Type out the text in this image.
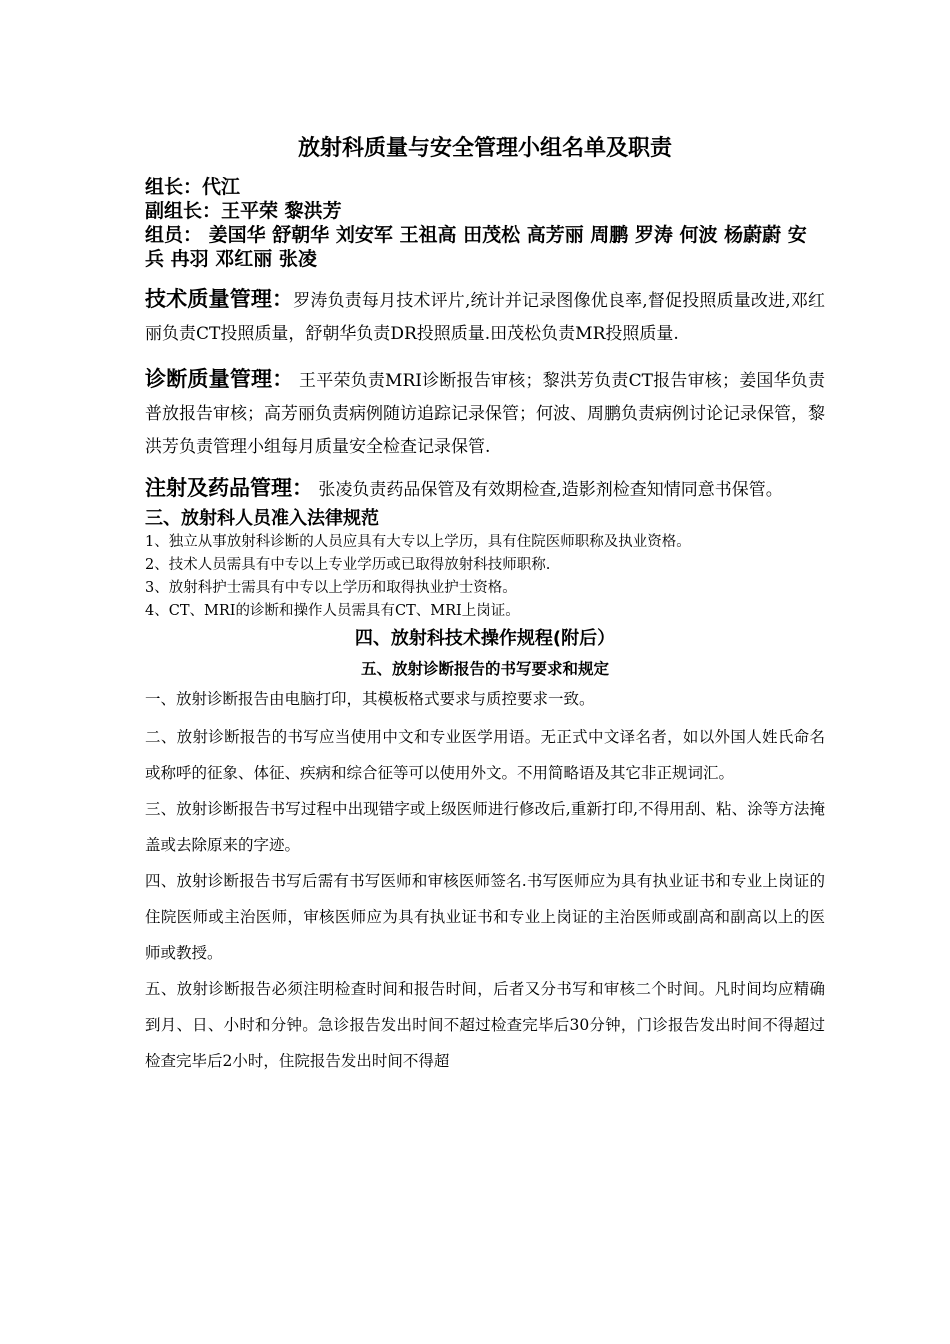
放射科质量与安全管理小组名单及职责

组长：代江

副组长：王平荣 黎洪芳

组员： 姜国华 舒朝华 刘安军 王祖高 田茂松 高芳丽 周鹏 罗涛 何波 杨蔚蔚 安兵 冉羽 邓红丽 张凌

技术质量管理：罗涛负责每月技术评片,统计并记录图像优良率,督促投照质量改进,邓红丽负责CT投照质量，舒朝华负责DR投照质量.田茂松负责MR投照质量.

诊断质量管理： 王平荣负责MRI诊断报告审核；黎洪芳负责CT报告审核；姜国华负责普放报告审核；高芳丽负责病例随访追踪记录保管；何波、周鹏负责病例讨论记录保管，黎洪芳负责管理小组每月质量安全检查记录保管.

注射及药品管理： 张凌负责药品保管及有效期检查,造影剂检查知情同意书保管。

三、放射科人员准入法律规范

1、独立从事放射科诊断的人员应具有大专以上学历，具有住院医师职称及执业资格。

2、技术人员需具有中专以上专业学历或已取得放射科技师职称.

3、放射科护士需具有中专以上学历和取得执业护士资格。

4、CT、MRI的诊断和操作人员需具有CT、MRI上岗证。

四、放射科技术操作规程(附后）

五、放射诊断报告的书写要求和规定

一、放射诊断报告由电脑打印，其模板格式要求与质控要求一致。

二、放射诊断报告的书写应当使用中文和专业医学用语。无正式中文译名者，如以外国人姓氏命名或称呼的征象、体征、疾病和综合征等可以使用外文。不用简略语及其它非正规词汇。

三、放射诊断报告书写过程中出现错字或上级医师进行修改后,重新打印,不得用刮、粘、涂等方法掩盖或去除原来的字迹。

四、放射诊断报告书写后需有书写医师和审核医师签名.书写医师应为具有执业证书和专业上岗证的住院医师或主治医师，审核医师应为具有执业证书和专业上岗证的主治医师或副高和副高以上的医师或教授。

五、放射诊断报告必须注明检查时间和报告时间，后者又分书写和审核二个时间。凡时间均应精确到月、日、小时和分钟。急诊报告发出时间不超过检查完毕后30分钟，门诊报告发出时间不得超过检查完毕后2小时，住院报告发出时间不得超
